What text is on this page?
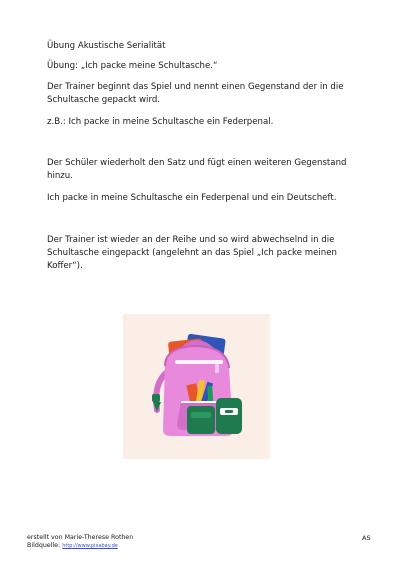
Übung Akustische Serialität

Übung: „Ich packe meine Schultasche.“

Der Trainer beginnt das Spiel und nennt einen Gegenstand der in die Schultasche gepackt wird.

z.B.: Ich packe in meine Schultasche ein Federpenal.

Der Schüler wiederholt den Satz und fügt einen weiteren Gegenstand hinzu.

Ich packe in meine Schultasche ein Federpenal und ein Deutscheft.

Der Trainer ist wieder an der Reihe und so wird abwechselnd in die Schultasche eingepackt (angelehnt an das Spiel „Ich packe meinen Koffer“).

erstellt von Marie-Therese Rothen
Bildquelle: http://www.pixabay.de
AS
